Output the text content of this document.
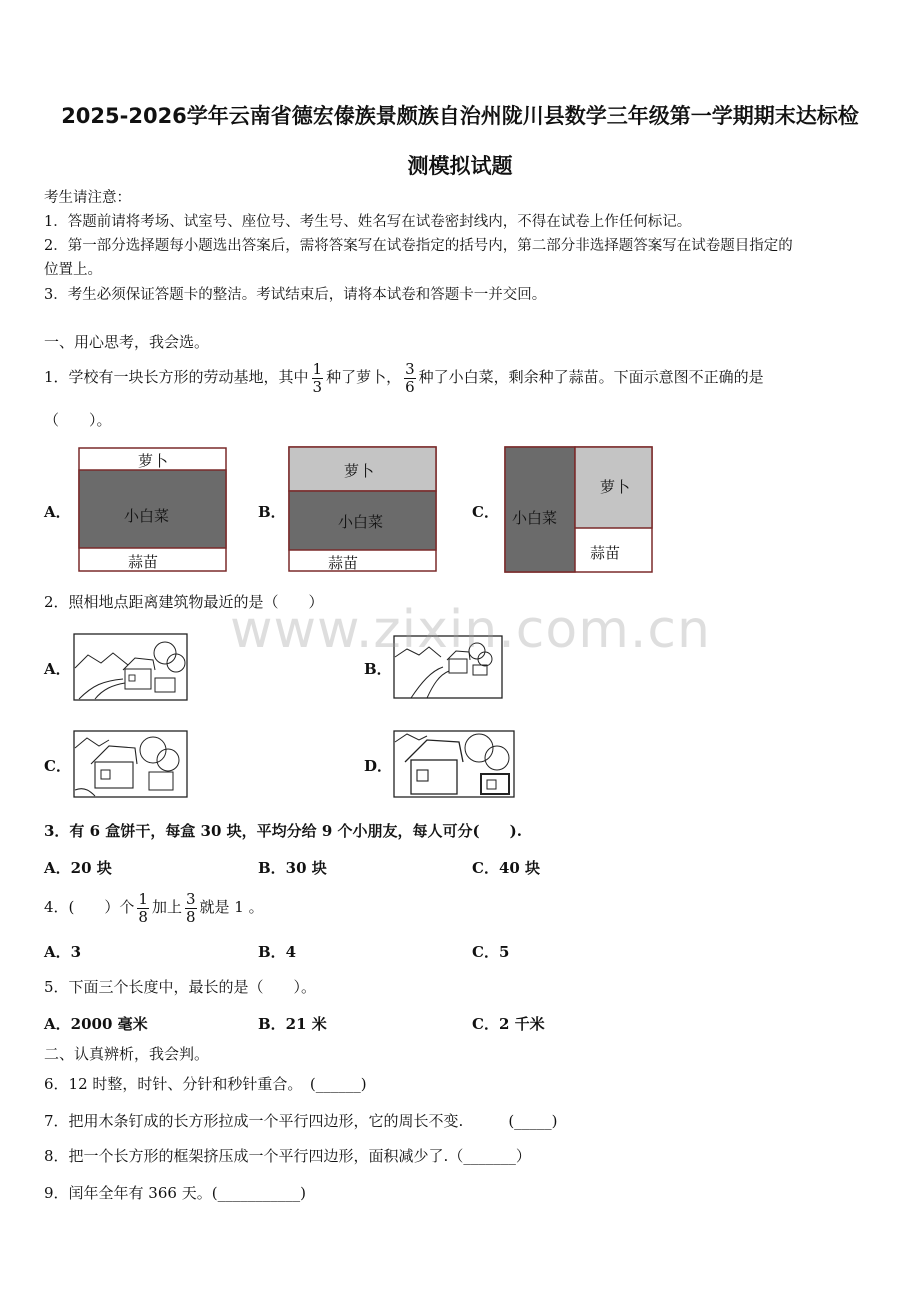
2025-2026学年云南省德宏傣族景颇族自治州陇川县数学三年级第一学期期末达标检
测模拟试题
考生请注意：
1．答题前请将考场、试室号、座位号、考生号、姓名写在试卷密封线内，不得在试卷上作任何标记。
2．第一部分选择题每小题选出答案后，需将答案写在试卷指定的括号内，第二部分非选择题答案写在试卷题目指定的
位置上。
3．考生必须保证答题卡的整洁。考试结束后，请将本试卷和答题卡一并交回。
一、用心思考，我会选。
1．学校有一块长方形的劳动基地，其中 $\frac{1}{3}$ 种了萝卜， $\frac{3}{6}$ 种了小白菜，剩余种了蒜苗。下面示意图不正确的是
（　　）。
A．
萝卜
小白菜
蒜苗
B．
萝卜
小白菜
蒜苗
C． 小白菜
萝卜
蒜苗
2．照相地点距离建筑物最近的是（　　）
A．	B．
C．	D．
www.zixin.com.cn
3．有 6 盒饼干，每盒 30 块，平均分给 9 个小朋友，每人可分(　　).
A．20 块	B．30 块	C．40 块
4．(　　）个 $\frac{1}{8}$ 加上 $\frac{3}{8}$ 就是 1 。
A．3	B．4	C．5
5．下面三个长度中，最长的是（　　）。
A．2000 毫米	B．21 米	C．2 千米
二、认真辨析，我会判。
6．12 时整，时针、分针和秒针重合。　(______)
7．把用木条钉成的长方形拉成一个平行四边形，它的周长不变.　　　(_____)
8．把一个长方形的框架挤压成一个平行四边形，面积减少了.（_______）
9．闰年全年有 366 天。(___________)
